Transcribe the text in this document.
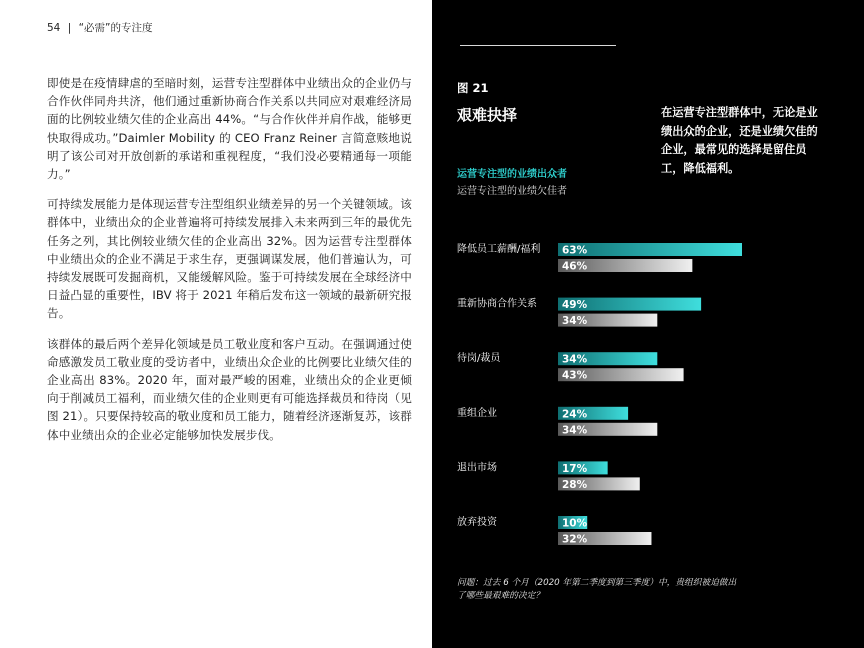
54 | “必需”的专注度

即使是在疫情肆虐的至暗时刻，运营专注型群体中业绩出众的企业仍与合作伙伴同舟共济，他们通过重新协商合作关系以共同应对艰难经济局面的比例较业绩欠佳的企业高出 44%。“与合作伙伴并肩作战，能够更快取得成功。”Daimler Mobility 的 CEO Franz Reiner 言简意赅地说明了该公司对开放创新的承诺和重视程度，“我们没必要精通每一项能力。”

可持续发展能力是体现运营专注型组织业绩差异的另一个关键领域。该群体中，业绩出众的企业普遍将可持续发展排入未来两到三年的最优先任务之列，其比例较业绩欠佳的企业高出 32%。因为运营专注型群体中业绩出众的企业不满足于求生存，更强调谋发展，他们普遍认为，可持续发展既可发掘商机，又能缓解风险。鉴于可持续发展在全球经济中日益凸显的重要性，IBV 将于 2021 年稍后发布这一领域的最新研究报告。

该群体的最后两个差异化领域是员工敬业度和客户互动。在强调通过使命感激发员工敬业度的受访者中，业绩出众企业的比例要比业绩欠佳的企业高出 83%。2020 年，面对最严峻的困难，业绩出众的企业更倾向于削减员工福利，而业绩欠佳的企业则更有可能选择裁员和待岗（见图 21）。只要保持较高的敬业度和员工能力，随着经济逐渐复苏，该群体中业绩出众的企业必定能够加快发展步伐。

图 21
艰难抉择	在运营专注型群体中，无论是业绩出众的企业，还是业绩欠佳的企业，最常见的选择是留住员工，降低福利。
运营专注型的业绩出众者
运营专注型的业绩欠佳者
降低员工薪酬/福利 63%
46%
重新协商合作关系 49%
34%
待岗/裁员	34%
43%
重组企业	24%
34%
退出市场	17%
28%
放弃投资	10%
32%
问题：过去 6 个月（2020 年第二季度到第三季度）中，贵组织被迫做出了哪些最艰难的决定？
